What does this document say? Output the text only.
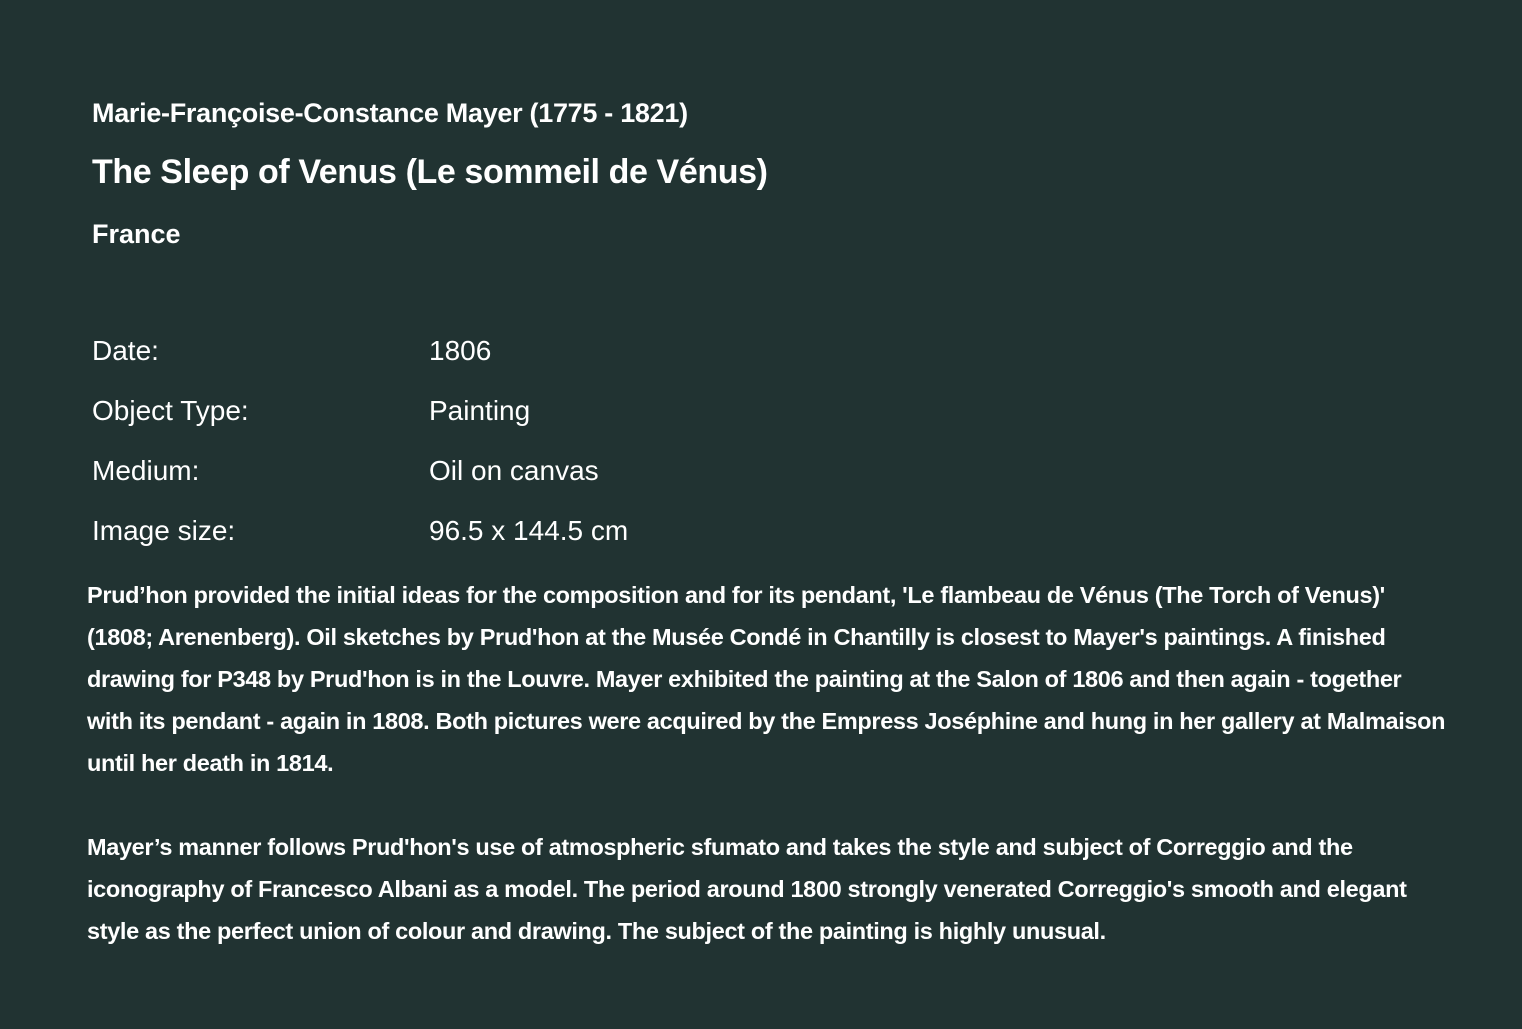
Marie-Françoise-Constance Mayer (1775 - 1821)
The Sleep of Venus (Le sommeil de Vénus)
France
Date:	1806
Object Type:	Painting
Medium:	Oil on canvas
Image size:	96.5 x 144.5 cm

Prud’hon provided the initial ideas for the composition and for its pendant, 'Le flambeau de Vénus (The Torch of Venus)' (1808; Arenenberg). Oil sketches by Prud'hon at the Musée Condé in Chantilly is closest to Mayer's paintings. A finished drawing for P348 by Prud'hon is in the Louvre. Mayer exhibited the painting at the Salon of 1806 and then again - together with its pendant - again in 1808. Both pictures were acquired by the Empress Joséphine and hung in her gallery at Malmaison until her death in 1814.

Mayer’s manner follows Prud'hon's use of atmospheric sfumato and takes the style and subject of Correggio and the iconography of Francesco Albani as a model. The period around 1800 strongly venerated Correggio's smooth and elegant style as the perfect union of colour and drawing. The subject of the painting is highly unusual.
